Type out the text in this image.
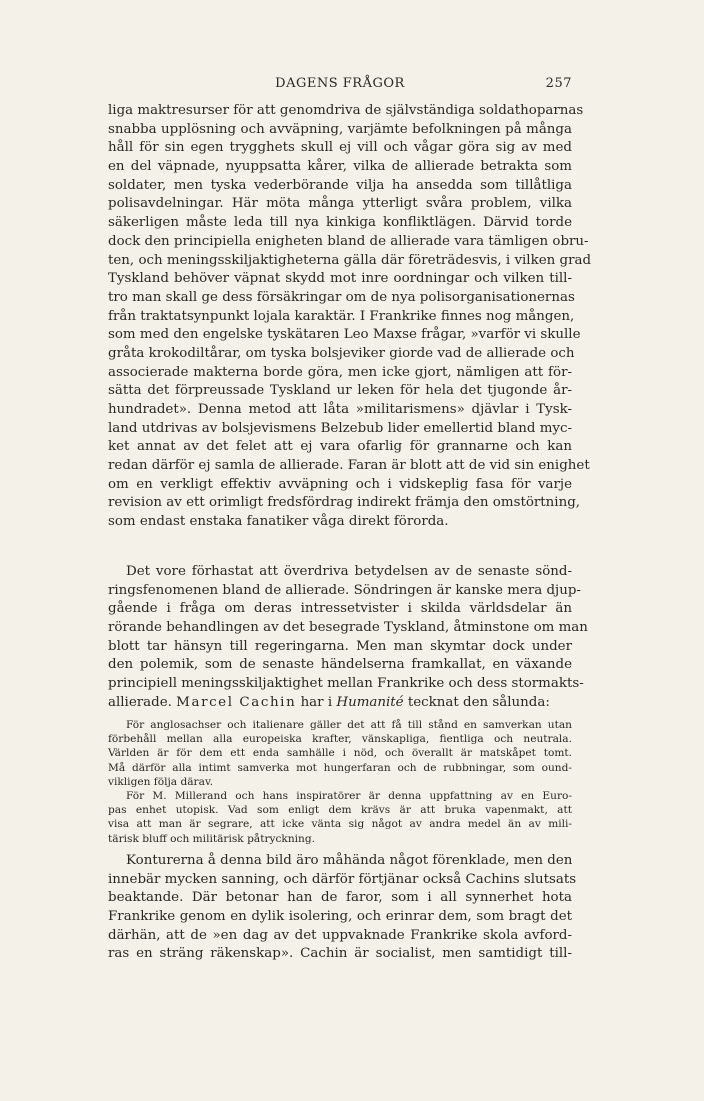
DAGENS FRÅGOR	257
liga maktresurser för att genomdriva de självständiga soldathoparnas
snabba upplösning och avväpning, varjämte befolkningen på många
håll för sin egen trygghets skull ej vill och vågar göra sig av med
en del väpnade, nyuppsatta kårer, vilka de allierade betrakta som
soldater, men tyska vederbörande vilja ha ansedda som tillåtliga
polisavdelningar. Här möta många ytterligt svåra problem, vilka
säkerligen måste leda till nya kinkiga konfliktlägen. Därvid torde
dock den principiella enigheten bland de allierade vara tämligen obru-
ten, och meningsskiljaktigheterna gälla där företrädesvis, i vilken grad
Tyskland behöver väpnat skydd mot inre oordningar och vilken till-
tro man skall ge dess försäkringar om de nya polisorganisationernas
från traktatsynpunkt lojala karaktär. I Frankrike finnes nog mången,
som med den engelske tyskätaren Leo Maxse frågar, »varför vi skulle
gråta krokodiltårar, om tyska bolsjeviker giorde vad de allierade och
associerade makterna borde göra, men icke gjort, nämligen att för-
sätta det förpreussade Tyskland ur leken för hela det tjugonde år-
hundradet». Denna metod att låta »militarismens» djävlar i Tysk-
land utdrivas av bolsjevismens Belzebub lider emellertid bland myc-
ket annat av det felet att ej vara ofarlig för grannarne och kan
redan därför ej samla de allierade. Faran är blott att de vid sin enighet
om en verkligt effektiv avväpning och i vidskeplig fasa för varje
revision av ett orimligt fredsfördrag indirekt främja den omstörtning,
som endast enstaka fanatiker våga direkt förorda.
Det vore förhastat att överdriva betydelsen av de senaste sönd-
ringsfenomenen bland de allierade. Söndringen är kanske mera djup-
gående i fråga om deras intressetvister i skilda världsdelar än
rörande behandlingen av det besegrade Tyskland, åtminstone om man
blott tar hänsyn till regeringarna. Men man skymtar dock under
den polemik, som de senaste händelserna framkallat, en växande
principiell meningsskiljaktighet mellan Frankrike och dess stormakts-
allierade. Marcel Cachin har i Humanité tecknat den sålunda:
För anglosachser och italienare gäller det att få till stånd en samverkan utan
förbehåll mellan alla europeiska krafter, vänskapliga, fientliga och neutrala.
Världen är för dem ett enda samhälle i nöd, och överallt är matskåpet tomt.
Må därför alla intimt samverka mot hungerfaran och de rubbningar, som ound-
vikligen följa därav.
För M. Millerand och hans inspiratörer är denna uppfattning av en Euro-
pas enhet utopisk. Vad som enligt dem krävs är att bruka vapenmakt, att
visa att man är segrare, att icke vänta sig något av andra medel än av mili-
tärisk bluff och militärisk påtryckning.
Konturerna å denna bild äro måhända något förenklade, men den
innebär mycken sanning, och därför förtjänar också Cachins slutsats
beaktande. Där betonar han de faror, som i all synnerhet hota
Frankrike genom en dylik isolering, och erinrar dem, som bragt det
därhän, att de »en dag av det uppvaknade Frankrike skola avford-
ras en sträng räkenskap». Cachin är socialist, men samtidigt till-
